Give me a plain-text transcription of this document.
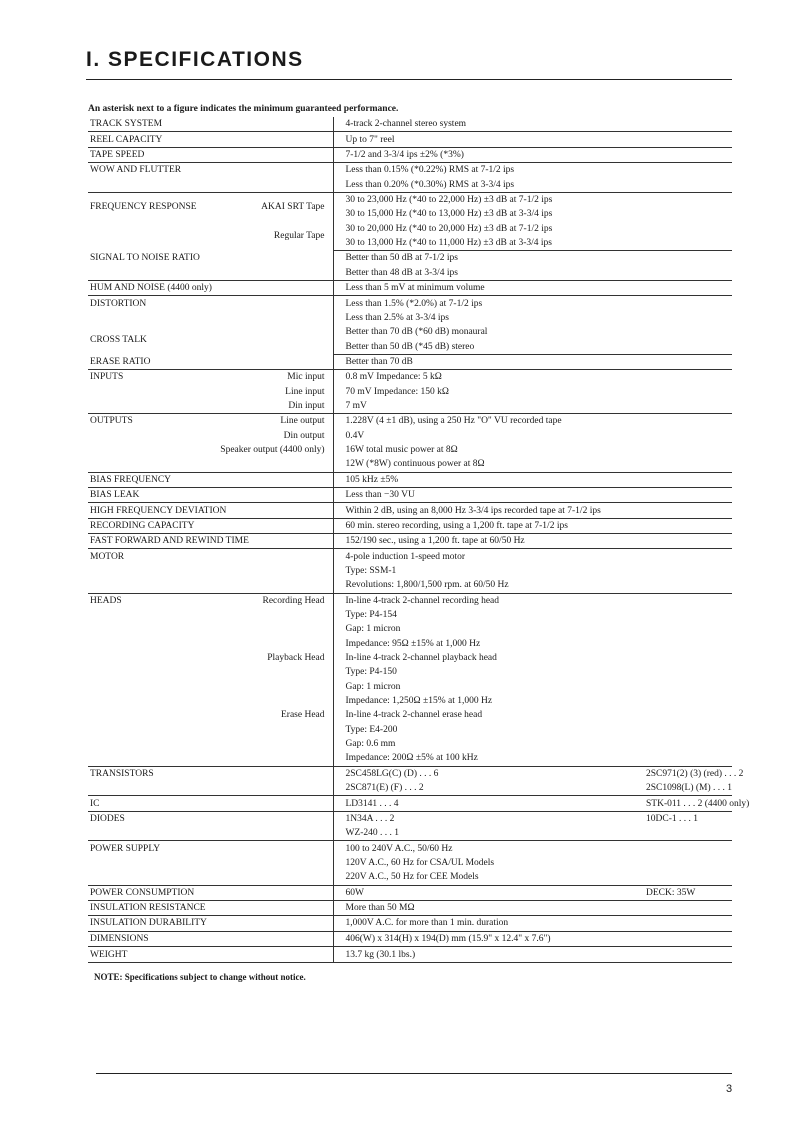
I. SPECIFICATIONS

An asterisk next to a figure indicates the minimum guaranteed performance.

TRACK SYSTEM	4-track 2-channel stereo system	
REEL CAPACITY	Up to 7" reel	
TAPE SPEED	7-1/2 and 3-3/4 ips ±2% (*3%)	
WOW AND FLUTTER	Less than 0.15% (*0.22%) RMS at 7-1/2 ips	
	Less than 0.20% (*0.30%) RMS at 3-3/4 ips	
FREQUENCY RESPONSE AKAI SRT Tape	30 to 23,000 Hz (*40 to 22,000 Hz) ±3 dB at 7-1/2 ips	
	30 to 15,000 Hz (*40 to 13,000 Hz) ±3 dB at 3-3/4 ips	
Regular Tape	30 to 20,000 Hz (*40 to 20,000 Hz) ±3 dB at 7-1/2 ips	
	30 to 13,000 Hz (*40 to 11,000 Hz) ±3 dB at 3-3/4 ips	
SIGNAL TO NOISE RATIO	Better than 50 dB at 7-1/2 ips	
	Better than 48 dB at 3-3/4 ips	
HUM AND NOISE (4400 only)	Less than 5 mV at minimum volume	
DISTORTION	Less than 1.5% (*2.0%) at 7-1/2 ips	
	Less than 2.5% at 3-3/4 ips	
CROSS TALK	Better than 70 dB (*60 dB) monaural	
	Better than 50 dB (*45 dB) stereo	
ERASE RATIO	Better than 70 dB	
INPUTS Mic input	0.8 mV Impedance: 5 kΩ	
Line input	70 mV Impedance: 150 kΩ	
Din input	7 mV	
OUTPUTS Line output	1.228V (4 ±1 dB), using a 250 Hz "O" VU recorded tape	
Din output	0.4V	
Speaker output (4400 only)	16W total music power at 8Ω	
	12W (*8W) continuous power at 8Ω	
BIAS FREQUENCY	105 kHz ±5%	
BIAS LEAK	Less than −30 VU	
HIGH FREQUENCY DEVIATION	Within 2 dB, using an 8,000 Hz 3-3/4 ips recorded tape at 7-1/2 ips	
RECORDING CAPACITY	60 min. stereo recording, using a 1,200 ft. tape at 7-1/2 ips	
FAST FORWARD AND REWIND TIME	152/190 sec., using a 1,200 ft. tape at 60/50 Hz	
MOTOR	4-pole induction 1-speed motor	
	Type: SSM-1	
	Revolutions: 1,800/1,500 rpm. at 60/50 Hz	
HEADS Recording Head	In-line 4-track 2-channel recording head	
	Type: P4-154	
	Gap: 1 micron	
	Impedance: 95Ω ±15% at 1,000 Hz	
Playback Head	In-line 4-track 2-channel playback head	
	Type: P4-150	
	Gap: 1 micron	
	Impedance: 1,250Ω ±15% at 1,000 Hz	
Erase Head	In-line 4-track 2-channel erase head	
	Type: E4-200	
	Gap: 0.6 mm	
	Impedance: 200Ω ±5% at 100 kHz	
TRANSISTORS	2SC458LG(C) (D) . . . 6	2SC971(2) (3) (red) . . . 2
	2SC871(E) (F) . . . 2	2SC1098(L) (M) . . . 1
IC	LD3141 . . . 4	STK-011 . . . 2 (4400 only)
DIODES	1N34A . . . 2	10DC-1 . . . 1
	WZ-240 . . . 1	
POWER SUPPLY	100 to 240V A.C., 50/60 Hz	
	120V A.C., 60 Hz for CSA/UL Models	
	220V A.C., 50 Hz for CEE Models	
POWER CONSUMPTION	60W	DECK: 35W
INSULATION RESISTANCE	More than 50 MΩ	
INSULATION DURABILITY	1,000V A.C. for more than 1 min. duration	
DIMENSIONS	406(W) x 314(H) x 194(D) mm (15.9" x 12.4" x 7.6")	
WEIGHT	13.7 kg (30.1 lbs.)	

NOTE: Specifications subject to change without notice.

3
